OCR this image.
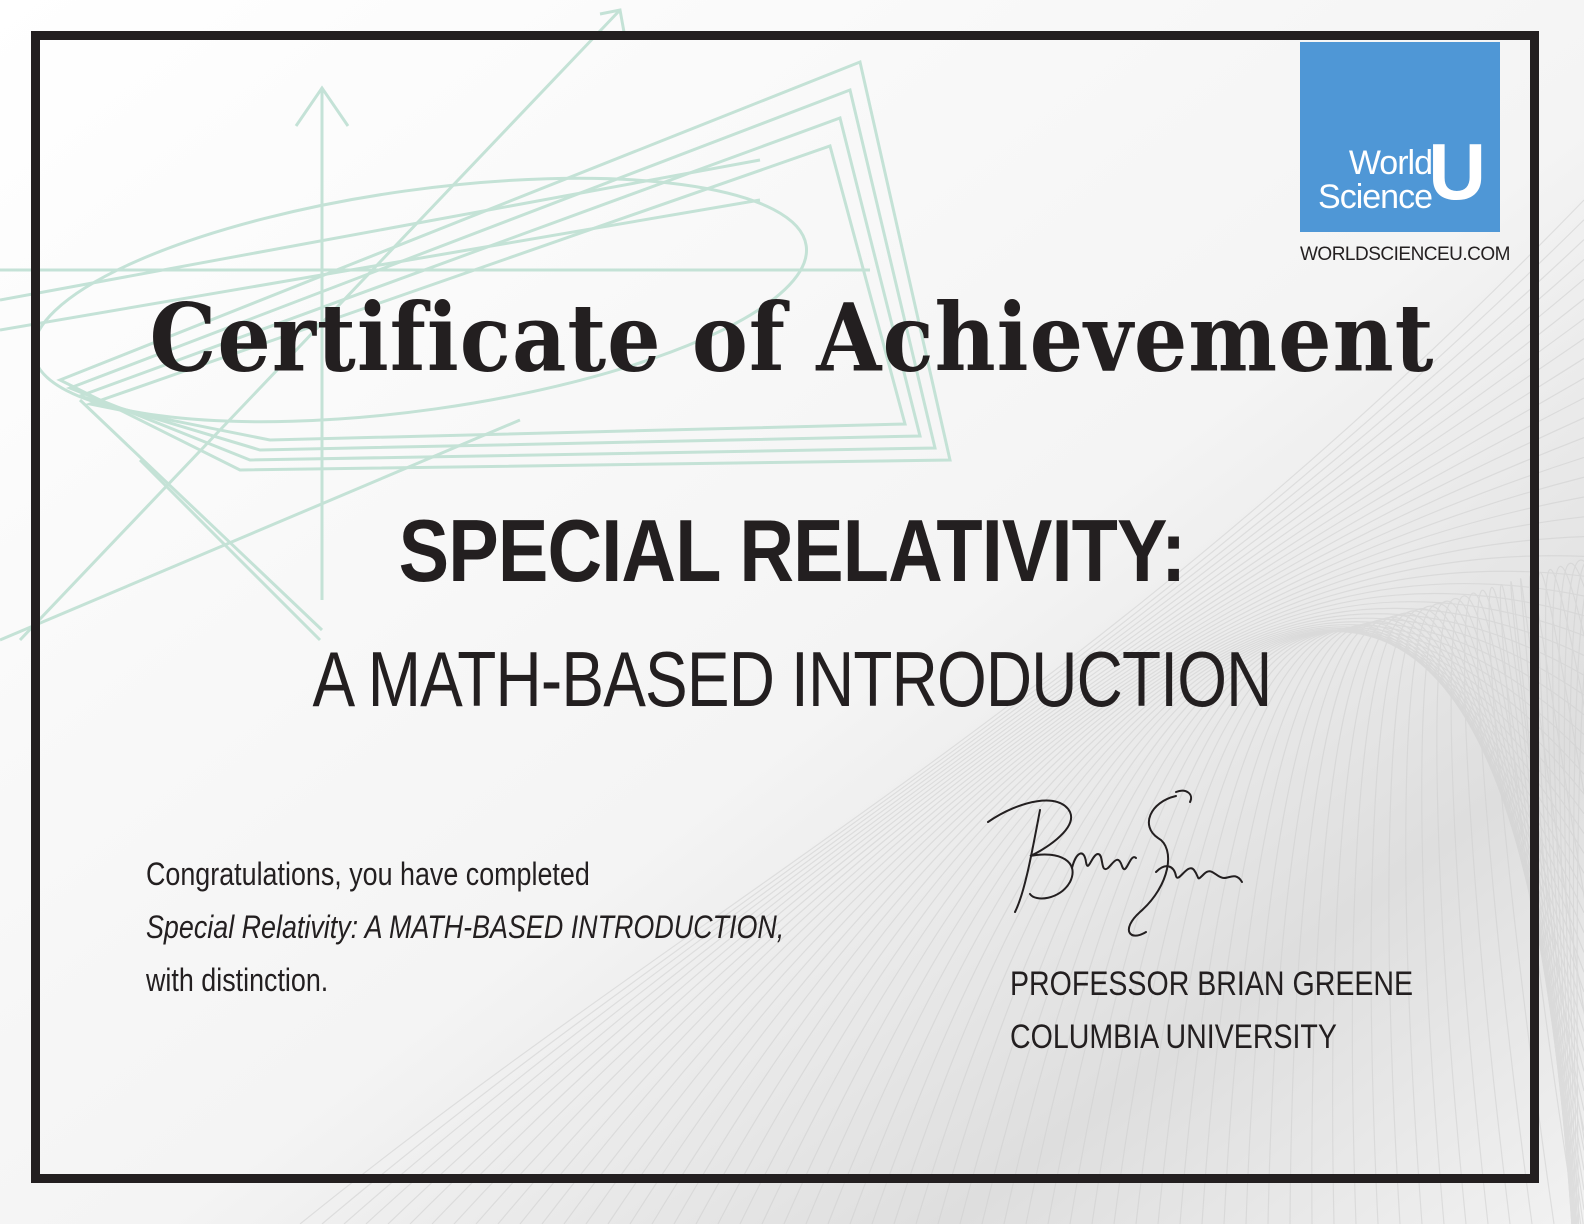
World
Science
U
WORLDSCIENCEU.COM
Certificate of Achievement
SPECIAL RELATIVITY:
A MATH-BASED INTRODUCTION
Congratulations, you have completed
Special Relativity: A MATH-BASED INTRODUCTION,
with distinction.	PROFESSOR BRIAN GREENE
COLUMBIA UNIVERSITY
